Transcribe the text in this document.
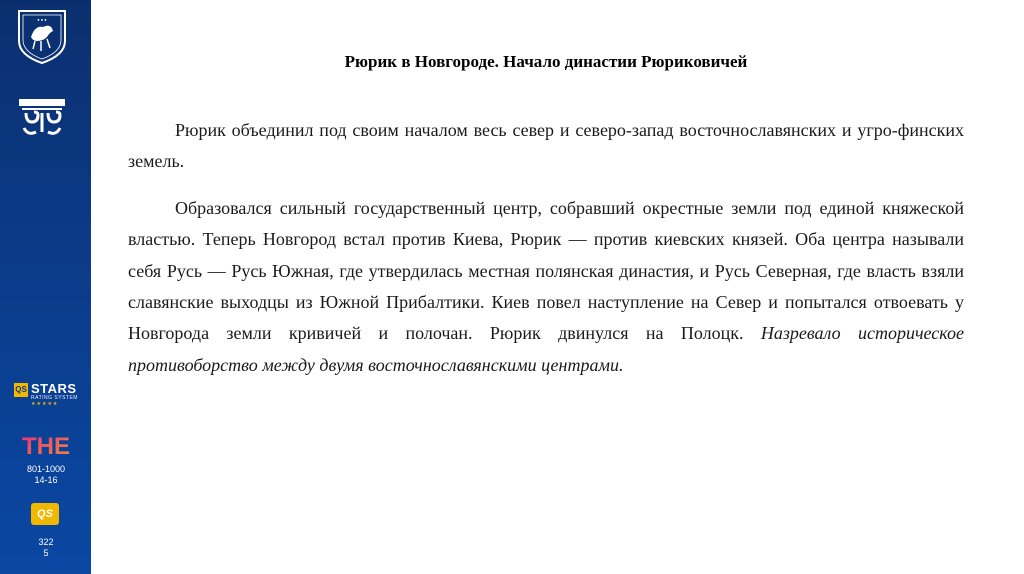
● ● ●
QS STARS
RATING SYSTEM
★★★★★
THE
801-1000
14-16
QS
322
5
Рюрик в Новгороде. Начало династии Рюриковичей

Рюрик объединил под своим началом весь север и северо-запад восточнославянских и угро-финских земель.

Образовался сильный государственный центр, собравший окрестные земли под единой княжеской властью. Теперь Новгород встал против Киева, Рюрик — против киевских князей. Оба центра называли себя Русь — Русь Южная, где утвердилась местная полянская династия, и Русь Северная, где власть взяли славянские выходцы из Южной Прибалтики. Киев повел наступление на Север и попытался отвоевать у Новгорода земли кривичей и полочан. Рюрик двинулся на Полоцк. Назревало историческое противоборство между двумя восточнославянскими центрами.
